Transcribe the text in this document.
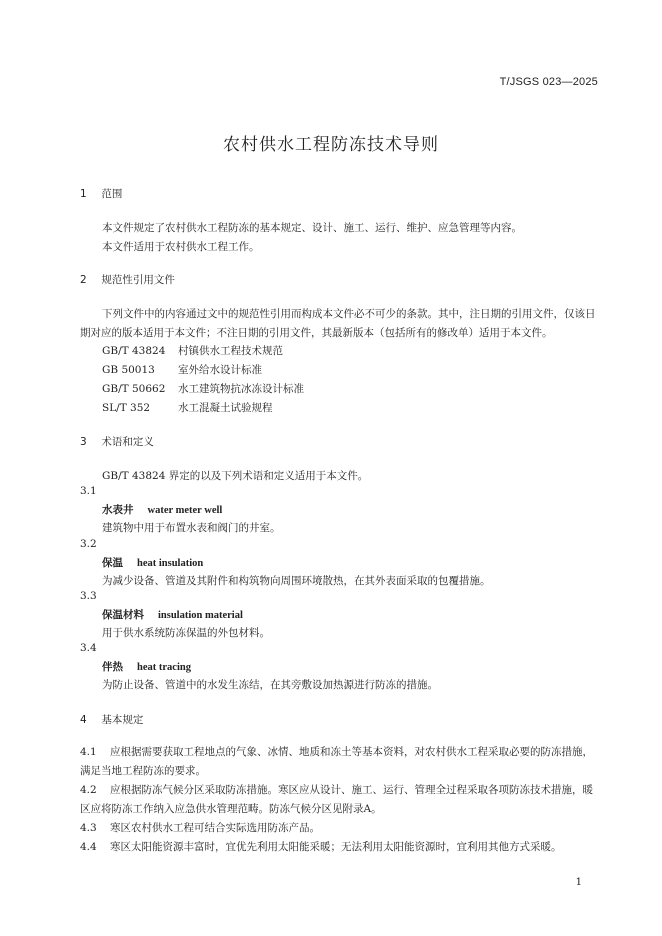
T/JSGS 023—2025
农村供水工程防冻技术导则
1 范围
本文件规定了农村供水工程防冻的基本规定、设计、施工、运行、维护、应急管理等内容。
本文件适用于农村供水工程工作。
2 规范性引用文件
下列文件中的内容通过文中的规范性引用而构成本文件必不可少的条款。其中，注日期的引用文件，仅该日期对应的版本适用于本文件；不注日期的引用文件，其最新版本（包括所有的修改单）适用于本文件。
GB/T 43824 村镇供水工程技术规范
GB 50013 室外给水设计标准
GB/T 50662 水工建筑物抗冰冻设计标准
SL/T 352	水工混凝土试验规程
3 术语和定义
GB/T 43824 界定的以及下列术语和定义适用于本文件。
3.1
水表井 water meter well
建筑物中用于布置水表和阀门的井室。
3.2
保温 heat insulation
为减少设备、管道及其附件和构筑物向周围环境散热，在其外表面采取的包覆措施。
3.3
保温材料 insulation material
用于供水系统防冻保温的外包材料。
3.4
伴热 heat tracing
为防止设备、管道中的水发生冻结，在其旁敷设加热源进行防冻的措施。
4 基本规定
4.1 应根据需要获取工程地点的气象、冰情、地质和冻土等基本资料，对农村供水工程采取必要的防冻措施，满足当地工程防冻的要求。
4.2 应根据防冻气候分区采取防冻措施。寒区应从设计、施工、运行、管理全过程采取各项防冻技术措施，暖区应将防冻工作纳入应急供水管理范畴。防冻气候分区见附录A。
4.3 寒区农村供水工程可结合实际选用防冻产品。
4.4 寒区太阳能资源丰富时，宜优先利用太阳能采暖；无法利用太阳能资源时，宜利用其他方式采暖。
1
